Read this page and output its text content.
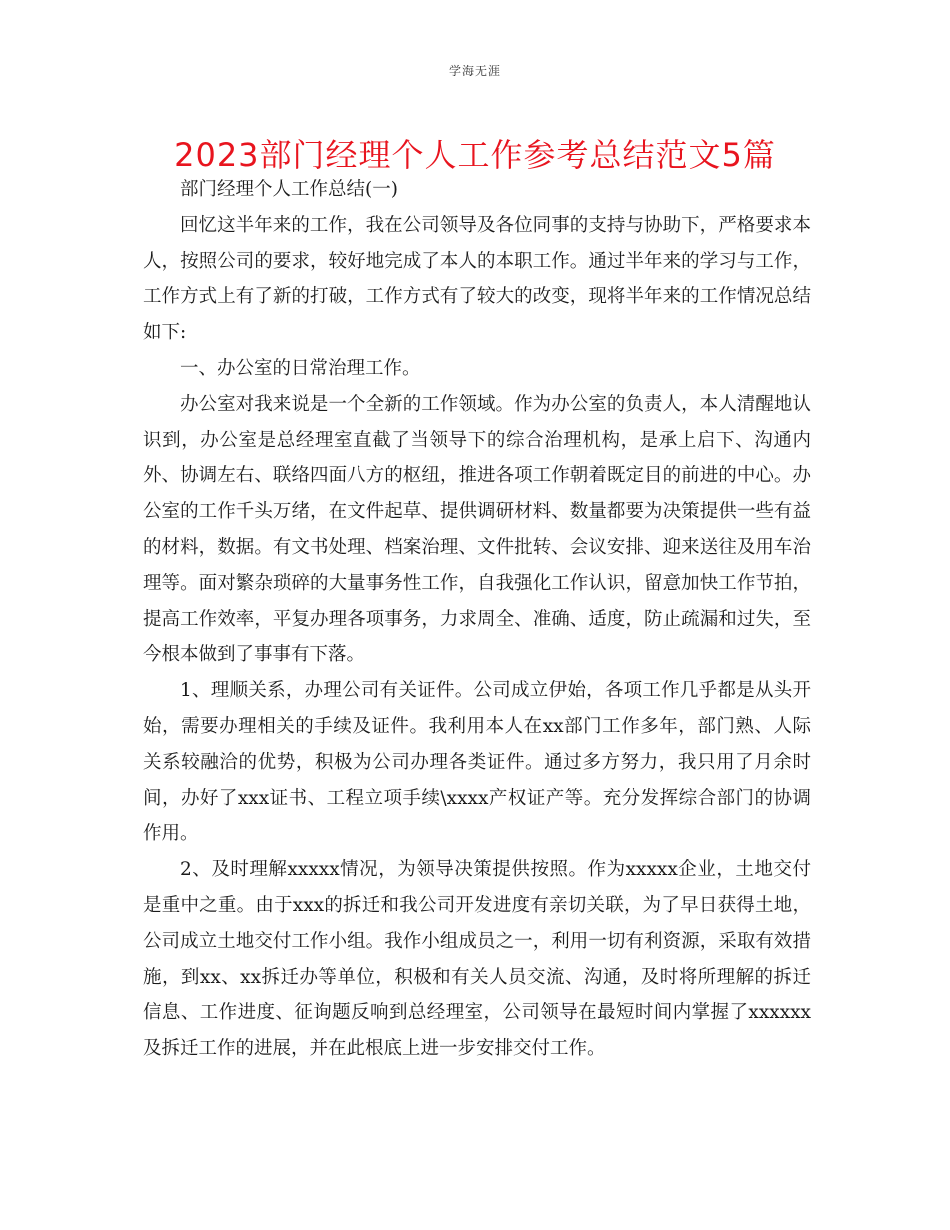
学海无涯
2023部门经理个人工作参考总结范文5篇

部门经理个人工作总结(一)

回忆这半年来的工作，我在公司领导及各位同事的支持与协助下，严格要求本人，按照公司的要求，较好地完成了本人的本职工作。通过半年来的学习与工作，工作方式上有了新的打破，工作方式有了较大的改变，现将半年来的工作情况总结如下:

一、办公室的日常治理工作。

办公室对我来说是一个全新的工作领域。作为办公室的负责人，本人清醒地认识到，办公室是总经理室直截了当领导下的综合治理机构，是承上启下、沟通内外、协调左右、联络四面八方的枢纽，推进各项工作朝着既定目的前进的中心。办公室的工作千头万绪，在文件起草、提供调研材料、数量都要为决策提供一些有益的材料，数据。有文书处理、档案治理、文件批转、会议安排、迎来送往及用车治理等。面对繁杂琐碎的大量事务性工作，自我强化工作认识，留意加快工作节拍，提高工作效率，平复办理各项事务，力求周全、准确、适度，防止疏漏和过失，至今根本做到了事事有下落。

1、理顺关系，办理公司有关证件。公司成立伊始，各项工作几乎都是从头开始，需要办理相关的手续及证件。我利用本人在xx部门工作多年，部门熟、人际关系较融洽的优势，积极为公司办理各类证件。通过多方努力，我只用了月余时间，办好了xxx证书、工程立项手续\xxxx产权证产等。充分发挥综合部门的协调作用。

2、及时理解xxxxx情况，为领导决策提供按照。作为xxxxx企业，土地交付是重中之重。由于xxx的拆迁和我公司开发进度有亲切关联，为了早日获得土地，公司成立土地交付工作小组。我作小组成员之一，利用一切有利资源，采取有效措施，到xx、xx拆迁办等单位，积极和有关人员交流、沟通，及时将所理解的拆迁信息、工作进度、征询题反响到总经理室，公司领导在最短时间内掌握了xxxxxx及拆迁工作的进展，并在此根底上进一步安排交付工作。
